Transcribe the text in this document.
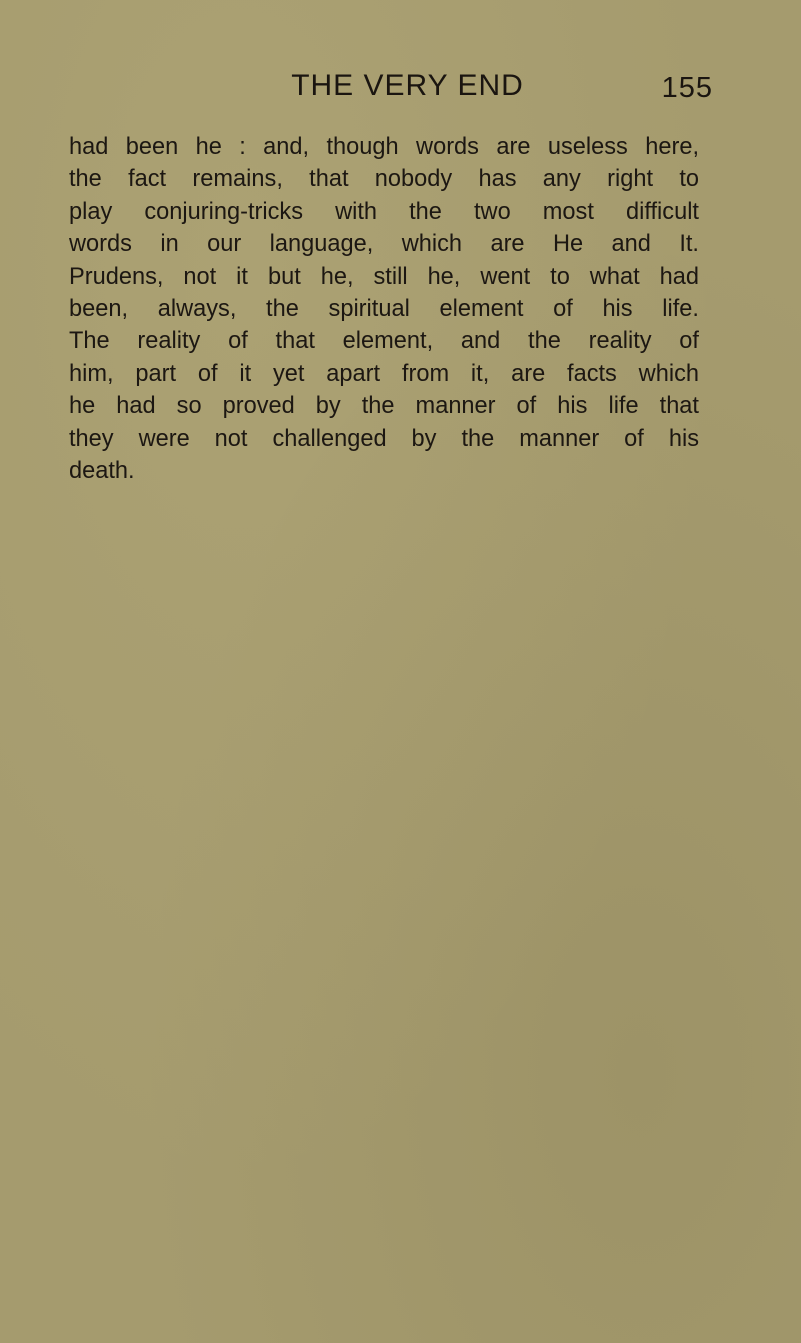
THE VERY END	155
had been he : and, though words are useless here,
the fact remains, that nobody has any right to
play conjuring-tricks with the two most difficult
words in our language, which are He and It.
Prudens, not it but he, still he, went to what had
been, always, the spiritual element of his life.
The reality of that element, and the reality of
him, part of it yet apart from it, are facts which
he had so proved by the manner of his life that
they were not challenged by the manner of his
death.
